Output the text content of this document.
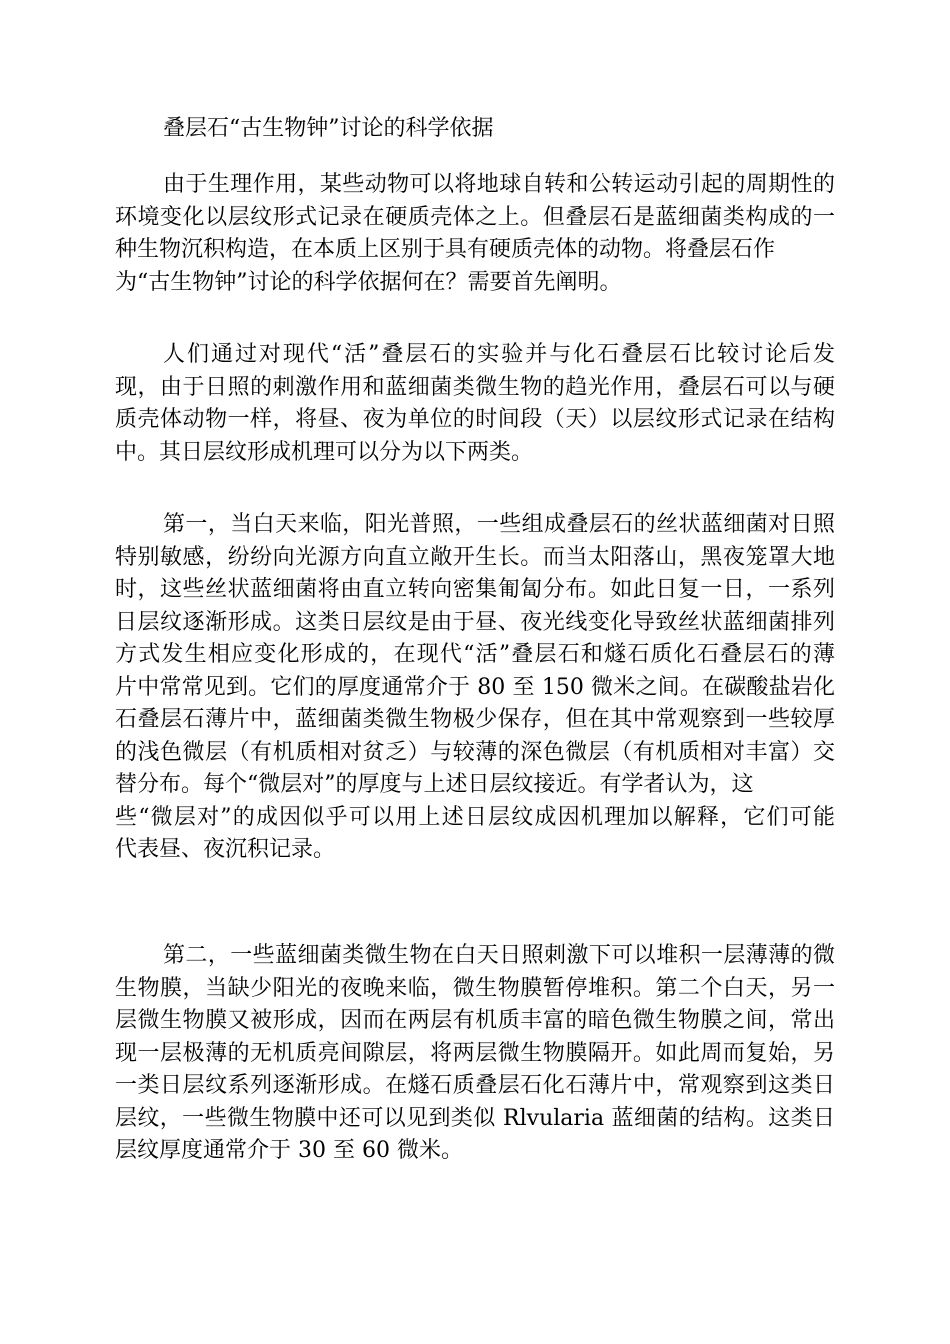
叠层石“古生物钟”讨论的科学依据
由于生理作用，某些动物可以将地球自转和公转运动引起的周期性的
环境变化以层纹形式记录在硬质壳体之上。但叠层石是蓝细菌类构成的一
种生物沉积构造，在本质上区别于具有硬质壳体的动物。将叠层石作
为“古生物钟”讨论的科学依据何在？需要首先阐明。
人们通过对现代“活”叠层石的实验并与化石叠层石比较讨论后发
现，由于日照的刺激作用和蓝细菌类微生物的趋光作用，叠层石可以与硬
质壳体动物一样，将昼、夜为单位的时间段（天）以层纹形式记录在结构
中。其日层纹形成机理可以分为以下两类。
第一，当白天来临，阳光普照，一些组成叠层石的丝状蓝细菌对日照
特别敏感，纷纷向光源方向直立敞开生长。而当太阳落山，黑夜笼罩大地
时，这些丝状蓝细菌将由直立转向密集匍匐分布。如此日复一日，一系列
日层纹逐渐形成。这类日层纹是由于昼、夜光线变化导致丝状蓝细菌排列
方式发生相应变化形成的，在现代“活”叠层石和燧石质化石叠层石的薄
片中常常见到。它们的厚度通常介于 80 至 150 微米之间。在碳酸盐岩化
石叠层石薄片中，蓝细菌类微生物极少保存，但在其中常观察到一些较厚
的浅色微层（有机质相对贫乏）与较薄的深色微层（有机质相对丰富）交
替分布。每个“微层对”的厚度与上述日层纹接近。有学者认为，这
些“微层对”的成因似乎可以用上述日层纹成因机理加以解释，它们可能
代表昼、夜沉积记录。
第二，一些蓝细菌类微生物在白天日照刺激下可以堆积一层薄薄的微
生物膜，当缺少阳光的夜晚来临，微生物膜暂停堆积。第二个白天，另一
层微生物膜又被形成，因而在两层有机质丰富的暗色微生物膜之间，常出
现一层极薄的无机质亮间隙层，将两层微生物膜隔开。如此周而复始，另
一类日层纹系列逐渐形成。在燧石质叠层石化石薄片中，常观察到这类日
层纹，一些微生物膜中还可以见到类似 Rlvularia 蓝细菌的结构。这类日
层纹厚度通常介于 30 至 60 微米。
